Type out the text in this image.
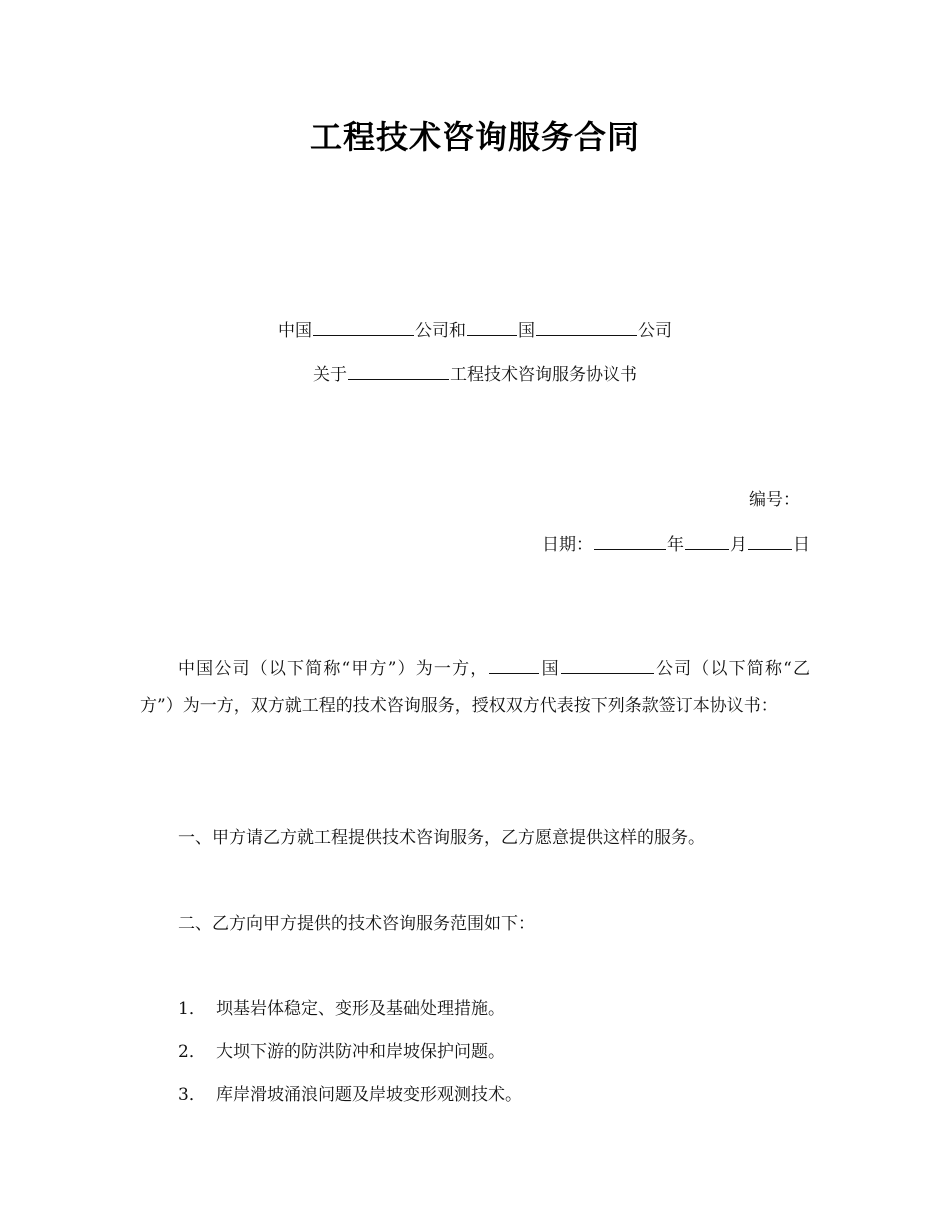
工程技术咨询服务合同
中国	公司和	国	公司
关于	工程技术咨询服务协议书
编号：
日期：	年	月	日
中国公司（以下简称“甲方”）为一方，	国	公司（以下简称“乙方”）为一方，双方就工程的技术咨询服务，授权双方代表按下列条款签订本协议书：
一、甲方请乙方就工程提供技术咨询服务，乙方愿意提供这样的服务。
二、乙方向甲方提供的技术咨询服务范围如下：
1． 坝基岩体稳定、变形及基础处理措施。
2． 大坝下游的防洪防冲和岸坡保护问题。
3． 库岸滑坡涌浪问题及岸坡变形观测技术。
